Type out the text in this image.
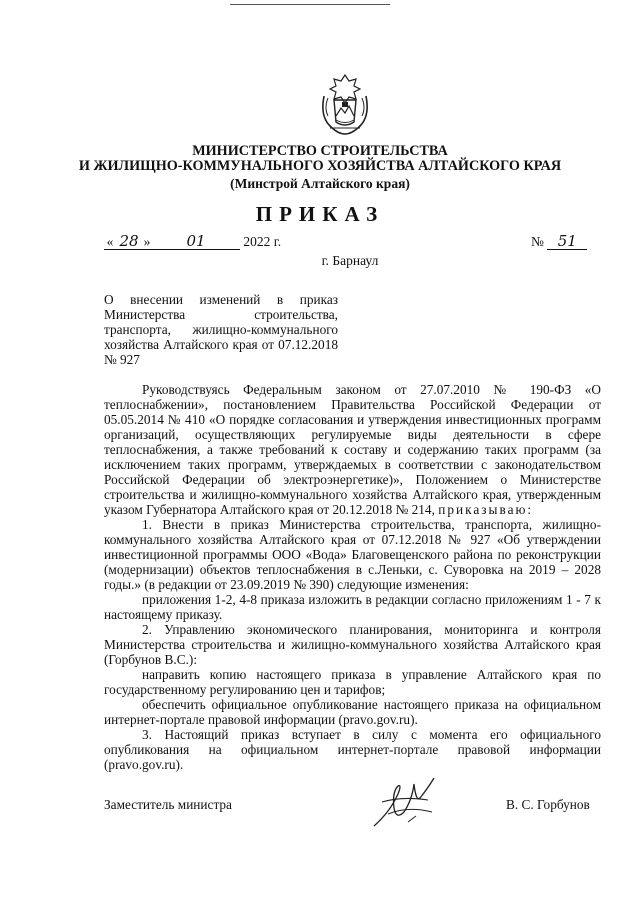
МИНИСТЕРСТВО СТРОИТЕЛЬСТВА
И ЖИЛИЩНО-КОММУНАЛЬНОГО ХОЗЯЙСТВА АЛТАЙСКОГО КРАЯ
(Минстрой Алтайского края)
ПРИКАЗ
« 28 » 01	2022 г.	№ 51
г. Барнаул
О внесении изменений в приказ Министерства строительства, транспорта, жилищно-коммунального хозяйства Алтайского края от 07.12.2018 № 927

Руководствуясь Федеральным законом от 27.07.2010 № 190-ФЗ «О теплоснабжении», постановлением Правительства Российской Федерации от 05.05.2014 № 410 «О порядке согласования и утверждения инвестиционных программ организаций, осуществляющих регулируемые виды деятельности в сфере теплоснабжения, а также требований к составу и содержанию таких программ (за исключением таких программ, утверждаемых в соответствии с законодательством Российской Федерации об электроэнергетике)», Положением о Министерстве строительства и жилищно-коммунального хозяйства Алтайского края, утвержденным указом Губернатора Алтайского края от 20.12.2018 № 214, приказываю:

1. Внести в приказ Министерства строительства, транспорта, жилищно-коммунального хозяйства Алтайского края от 07.12.2018 № 927 «Об утверждении инвестиционной программы ООО «Вода» Благовещенского района по реконструкции (модернизации) объектов теплоснабжения в с.Леньки, с. Суворовка на 2019 – 2028 годы.» (в редакции от 23.09.2019 № 390) следующие изменения:

приложения 1-2, 4-8 приказа изложить в редакции согласно приложениям 1 - 7 к настоящему приказу.

2. Управлению экономического планирования, мониторинга и контроля Министерства строительства и жилищно-коммунального хозяйства Алтайского края (Горбунов В.С.):

направить копию настоящего приказа в управление Алтайского края по государственному регулированию цен и тарифов;

обеспечить официальное опубликование настоящего приказа на официальном интернет-портале правовой информации (pravo.gov.ru).

3. Настоящий приказ вступает в силу с момента его официального опубликования на официальном интернет-портале правовой информации (pravo.gov.ru).

Заместитель министра	В. С. Горбунов
